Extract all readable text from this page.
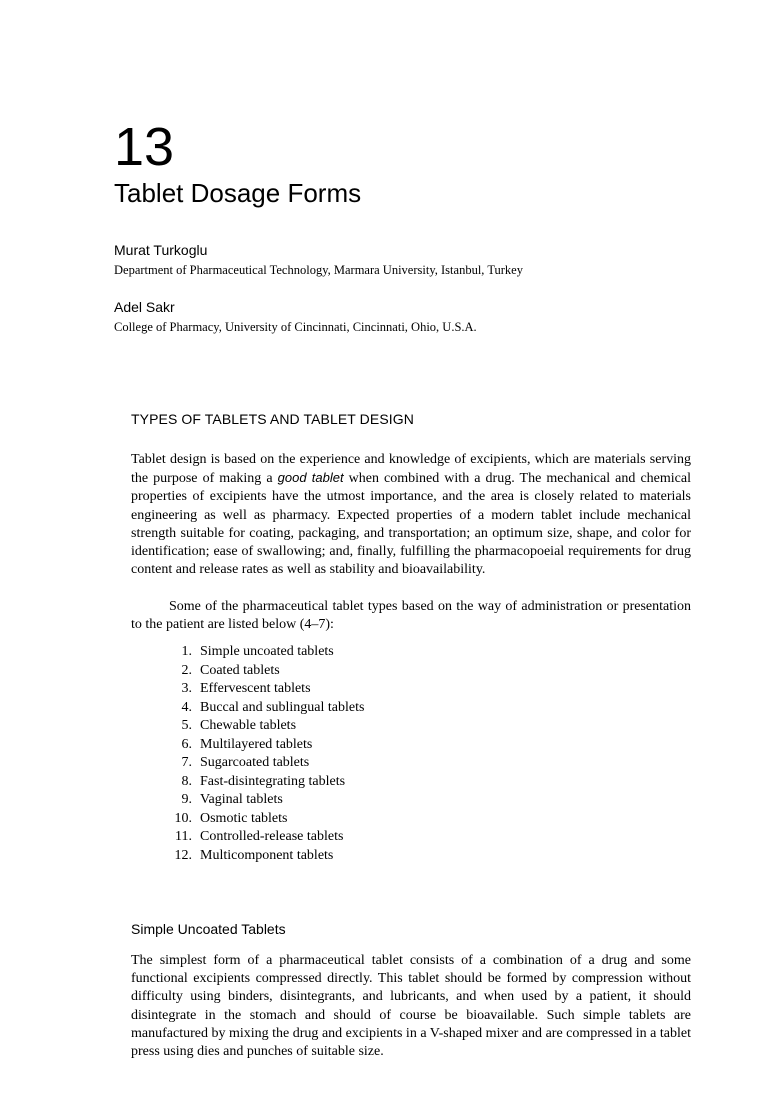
13
Tablet Dosage Forms
Murat Turkoglu
Department of Pharmaceutical Technology, Marmara University, Istanbul, Turkey
Adel Sakr
College of Pharmacy, University of Cincinnati, Cincinnati, Ohio, U.S.A.
TYPES OF TABLETS AND TABLET DESIGN

Tablet design is based on the experience and knowledge of excipients, which are materials serving the purpose of making a good tablet when combined with a drug. The mechanical and chemical properties of excipients have the utmost importance, and the area is closely related to materials engineering as well as pharmacy. Expected properties of a modern tablet include mechanical strength suitable for coating, packaging, and transportation; an optimum size, shape, and color for identification; ease of swallowing; and, finally, fulfilling the pharmacopoeial requirements for drug content and release rates as well as stability and bioavailability.

Some of the pharmaceutical tablet types based on the way of administration or presentation to the patient are listed below (4–7):

1. Simple uncoated tablets
2. Coated tablets
3. Effervescent tablets
4. Buccal and sublingual tablets
5. Chewable tablets
6. Multilayered tablets
7. Sugarcoated tablets
8. Fast-disintegrating tablets
9. Vaginal tablets
10. Osmotic tablets
11. Controlled-release tablets
12. Multicomponent tablets
Simple Uncoated Tablets

The simplest form of a pharmaceutical tablet consists of a combination of a drug and some functional excipients compressed directly. This tablet should be formed by compression without difficulty using binders, disintegrants, and lubricants, and when used by a patient, it should disintegrate in the stomach and should of course be bioavailable. Such simple tablets are manufactured by mixing the drug and excipients in a V-shaped mixer and are compressed in a tablet press using dies and punches of suitable size.
